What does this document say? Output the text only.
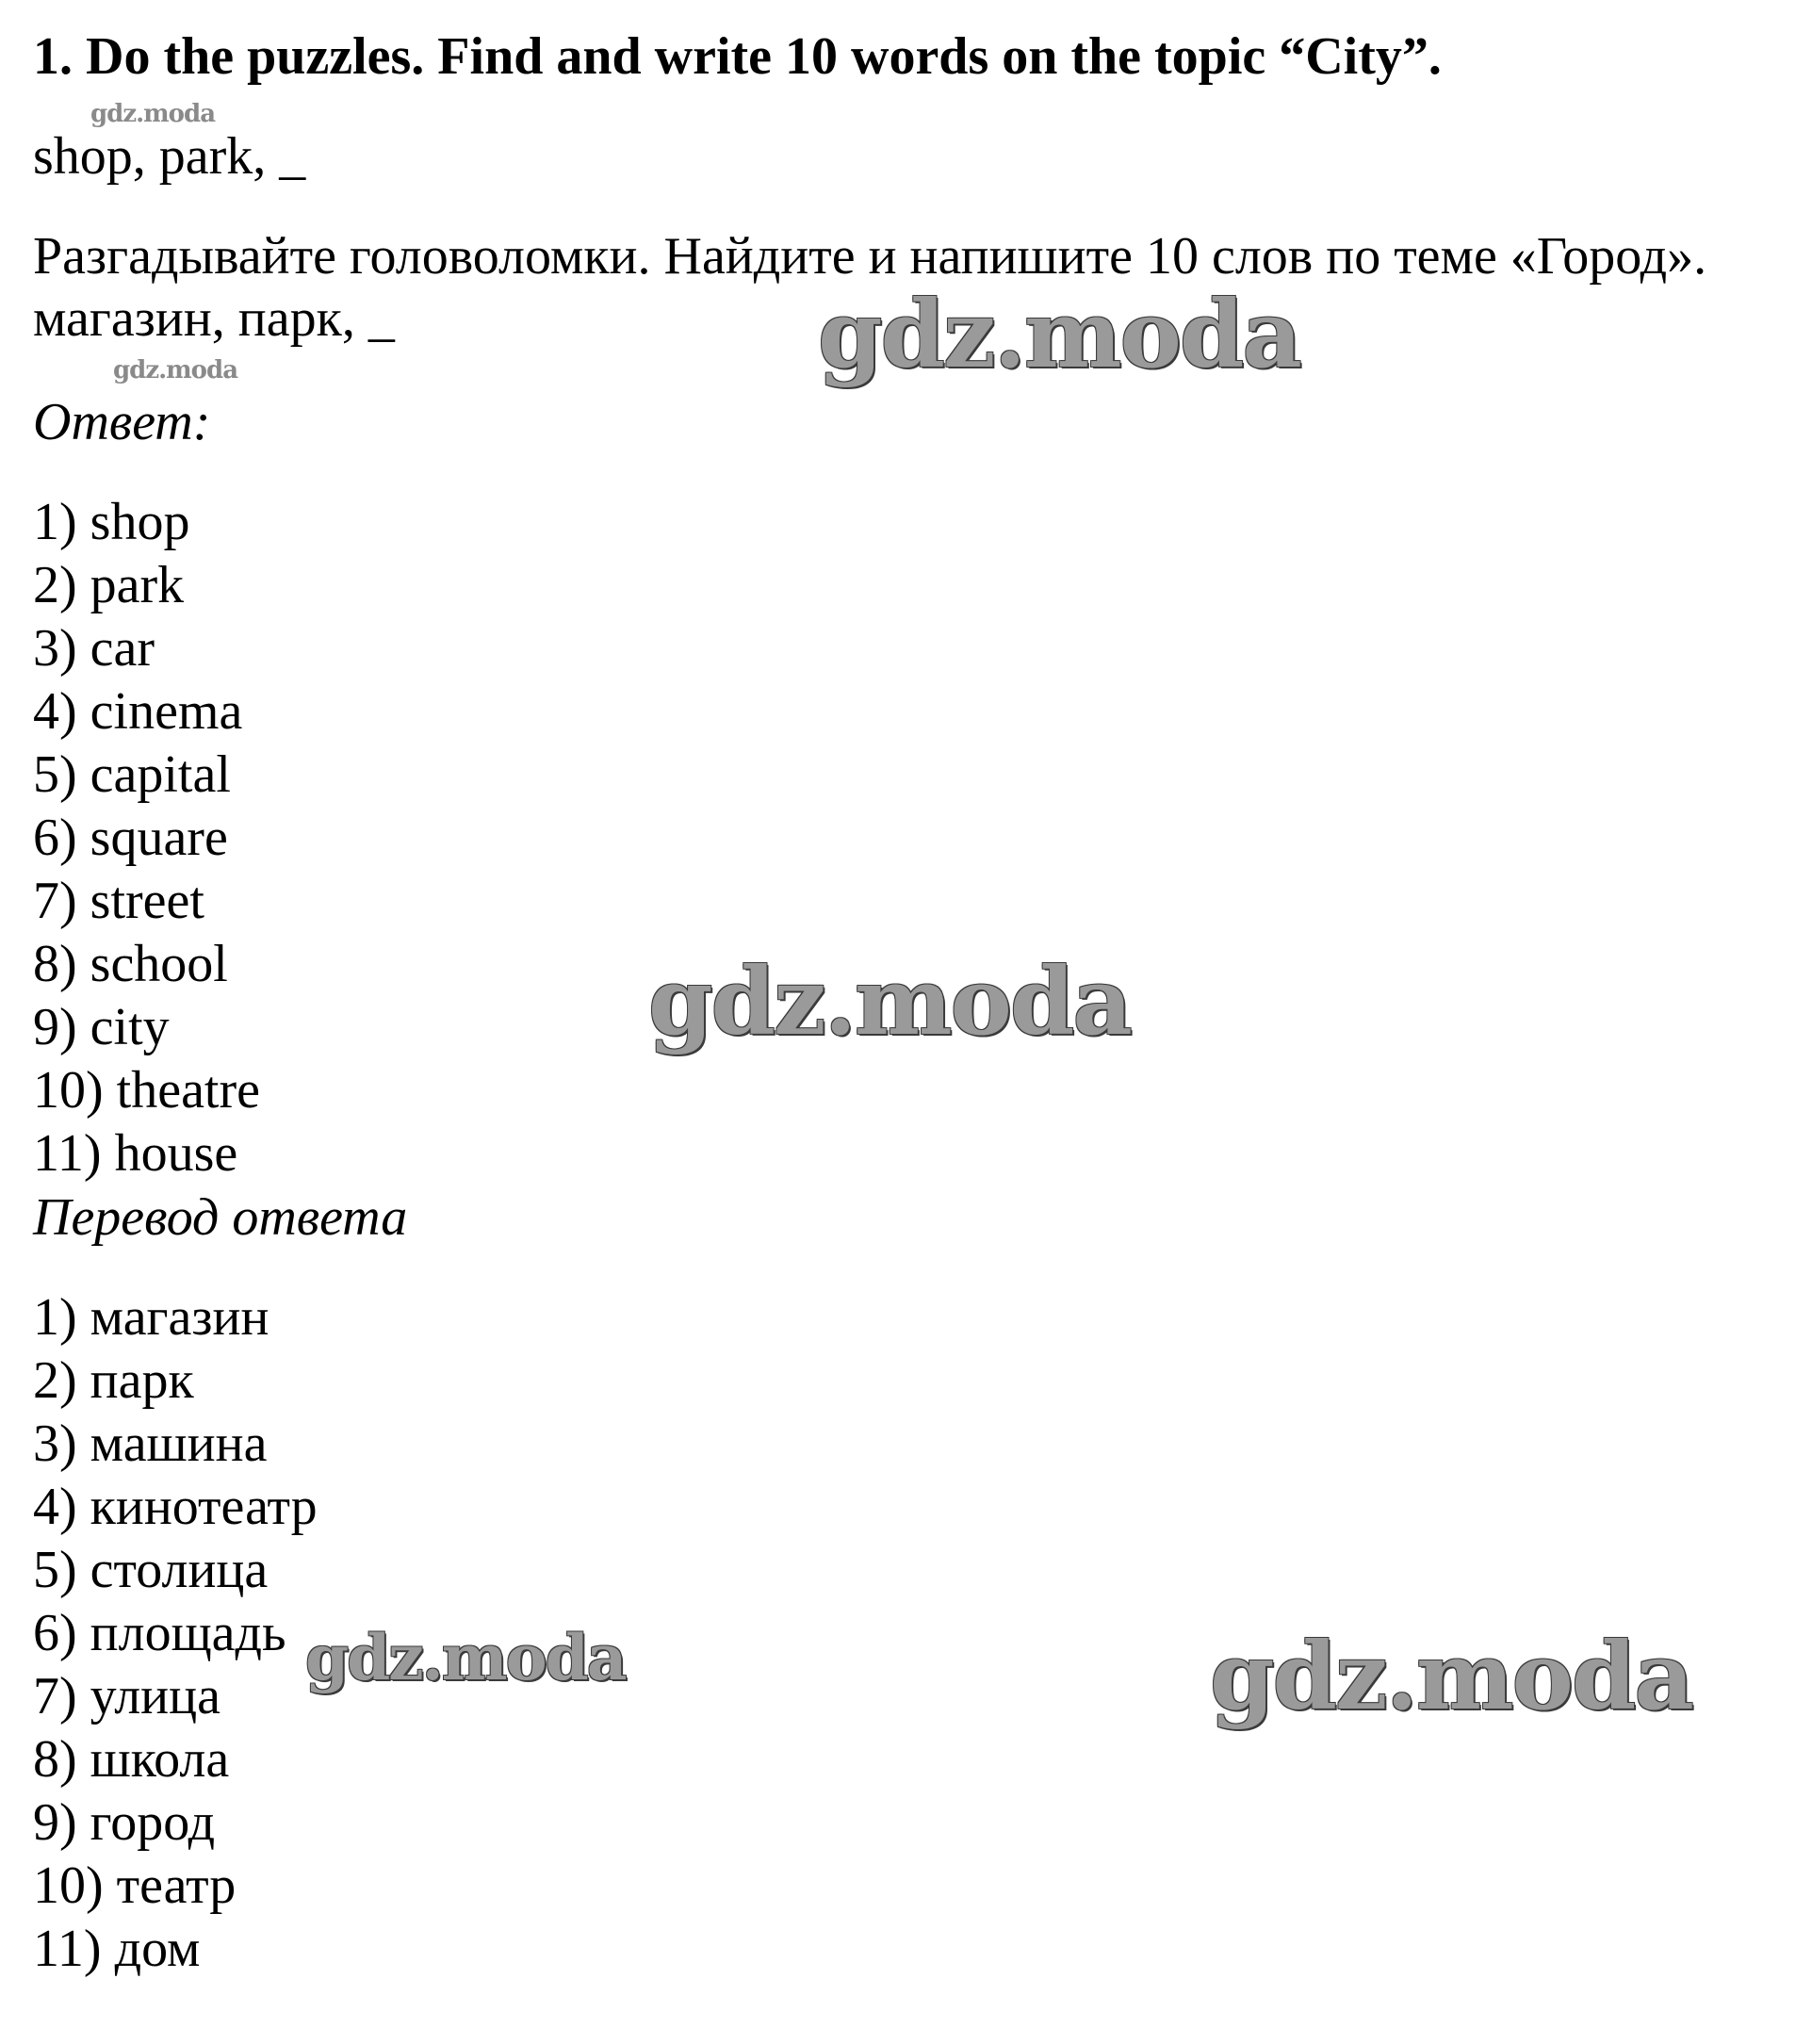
1. Do the puzzles. Find and write 10 words on the topic “City”.
gdz.moda
shop, park, _
Разгадывайте головоломки. Найдите и напишите 10 слов по теме «Город».
магазин, парк, _
gdz.moda
Ответ:
1) shop
2) park
3) car
4) cinema
5) capital
6) square
7) street
8) school
9) city
10) theatre
11) house
Перевод ответа
1) магазин
2) парк
3) машина
4) кинотеатр
5) столица
6) площадь
7) улица
8) школа
9) город
10) театр
11) дом
gdz.moda
gdz.moda
gdz.moda	gdz.moda
